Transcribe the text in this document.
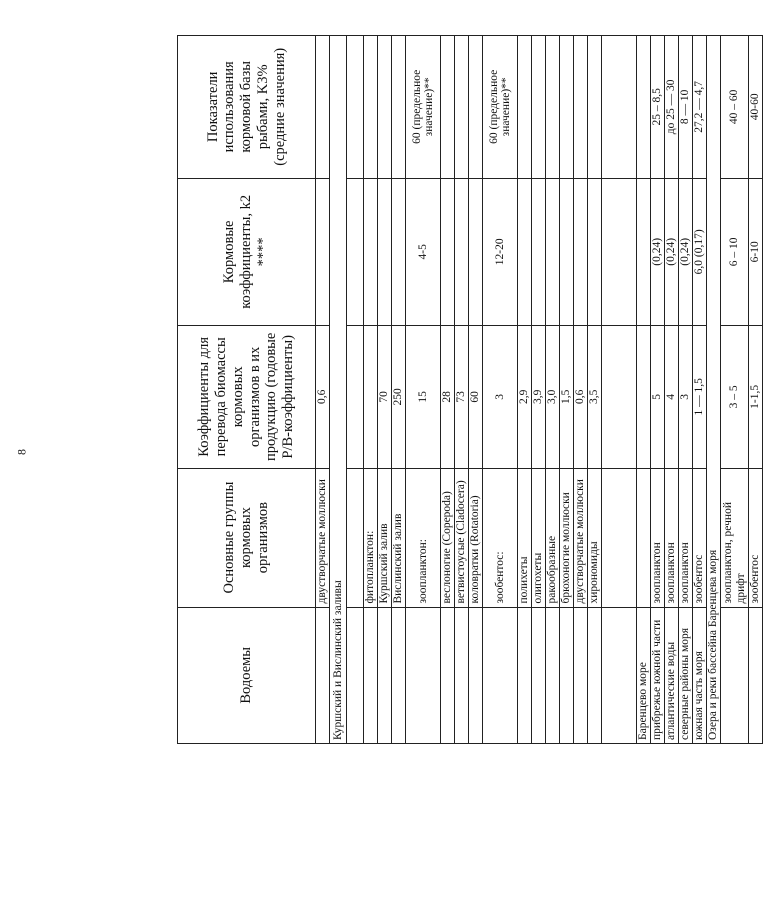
8
Водоемы	Основные группы кормовых организмов	Коэффициенты для перевода биомассы кормовых организмов в их продукцию (годовые P/B-коэффициенты)	Кормовые коэффициенты, k2 ****	Показатели использования кормовой базы рыбами, K3% (средние значения)
	двустворчатые моллюски	0,6		
Куршский и Вислинский заливы				

	фитопланктон:			
	Куршский залив	70		
	Вислинский залив	250		
	зоопланктон:	15	4-5	60 (предельное значение)**
	веслоногие (Copepoda)	28		
	ветвистоусые (Cladocera)	73		
	коловратки (Rotatoria)	60		
	зообентос:	3	12-20	60 (предельное значение)**
	полихеты	2,9		
	олигохеты	3,9		
	ракообразные	3,0		
	брюхоногие моллюски	1,5		
	двустворчатые моллюски	0,6		
	хирономиды	3,5		

Баренцево море				
прибрежье южной части	зоопланктон	5	(0,24)	25 – 8,5
атлантические воды	зоопланктон	4	(0,24)	до 25 — 30
северные районы моря	зоопланктон	3	(0,24)	8 — 10
южная часть моря	зообентос	1 — 1,5	6,0 (0,17)	27,2 — 4,7
Озера и реки бассейна Баренцева моря				
	зоопланктон, речной дрифт	3 – 5	6 – 10	40 – 60
	зообентос	1-1,5	6-10	40-60
